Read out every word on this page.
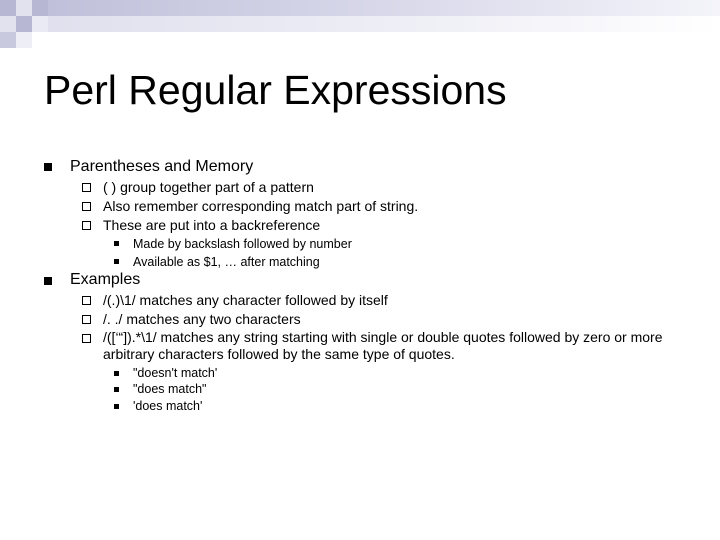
Perl Regular Expressions
Parentheses and Memory
( ) group together part of a pattern
Also remember corresponding match part of string.
These are put into a backreference
Made by backslash followed by number
Available as $1, … after matching
Examples
/(.)\1/ matches any character followed by itself
/. ./ matches any two characters
/([‘“]).*\1/ matches any string starting with single or double quotes followed by zero or more arbitrary characters followed by the same type of quotes.
"doesn't match'
"does match"
'does match'
